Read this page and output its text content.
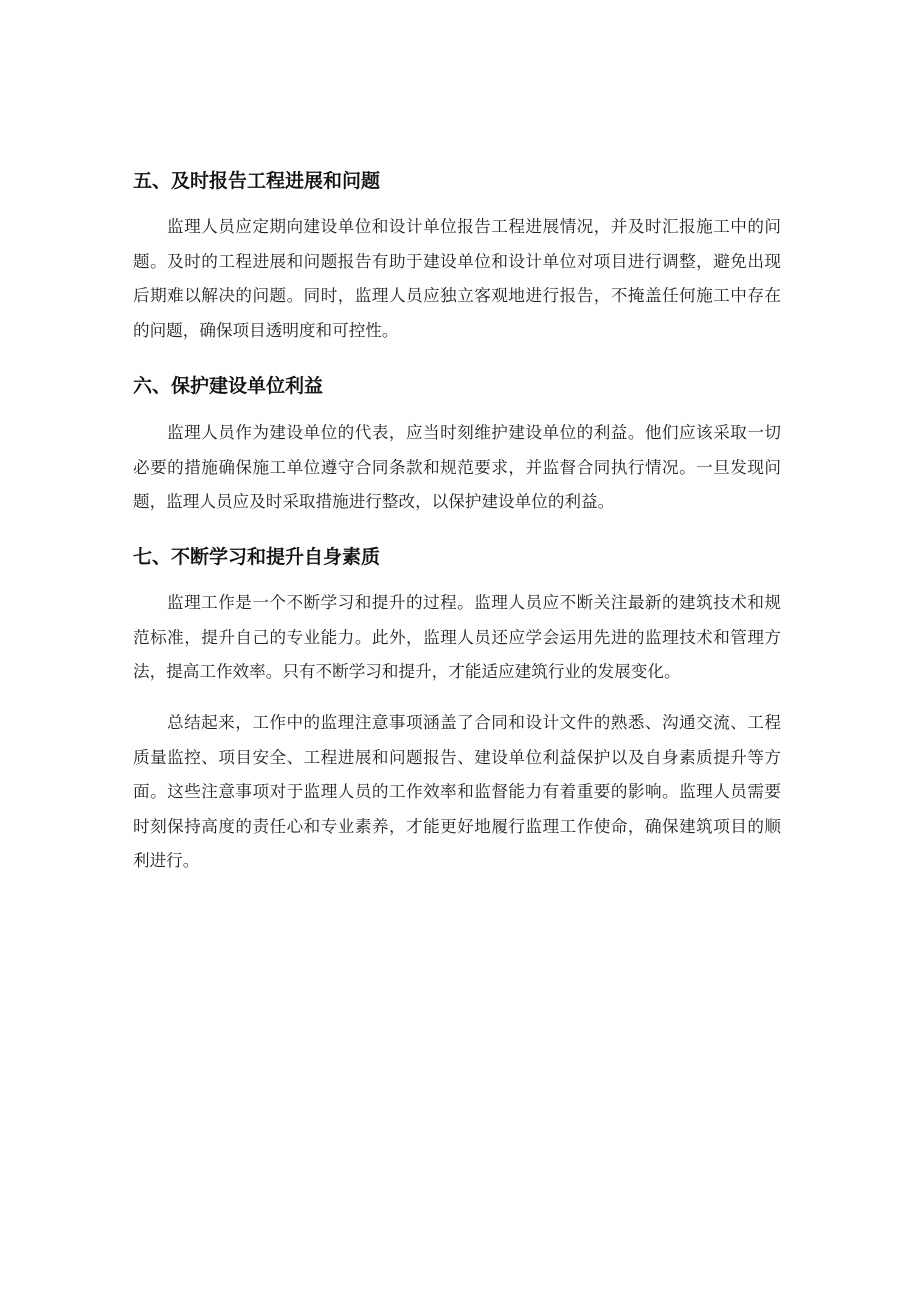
五、及时报告工程进展和问题
监理人员应定期向建设单位和设计单位报告工程进展情况，并及时汇报施工中的问
题。及时的工程进展和问题报告有助于建设单位和设计单位对项目进行调整，避免出现
后期难以解决的问题。同时，监理人员应独立客观地进行报告，不掩盖任何施工中存在
的问题，确保项目透明度和可控性。
六、保护建设单位利益
监理人员作为建设单位的代表，应当时刻维护建设单位的利益。他们应该采取一切
必要的措施确保施工单位遵守合同条款和规范要求，并监督合同执行情况。一旦发现问
题，监理人员应及时采取措施进行整改，以保护建设单位的利益。
七、不断学习和提升自身素质
监理工作是一个不断学习和提升的过程。监理人员应不断关注最新的建筑技术和规
范标准，提升自己的专业能力。此外，监理人员还应学会运用先进的监理技术和管理方
法，提高工作效率。只有不断学习和提升，才能适应建筑行业的发展变化。
总结起来，工作中的监理注意事项涵盖了合同和设计文件的熟悉、沟通交流、工程
质量监控、项目安全、工程进展和问题报告、建设单位利益保护以及自身素质提升等方
面。这些注意事项对于监理人员的工作效率和监督能力有着重要的影响。监理人员需要
时刻保持高度的责任心和专业素养，才能更好地履行监理工作使命，确保建筑项目的顺
利进行。
